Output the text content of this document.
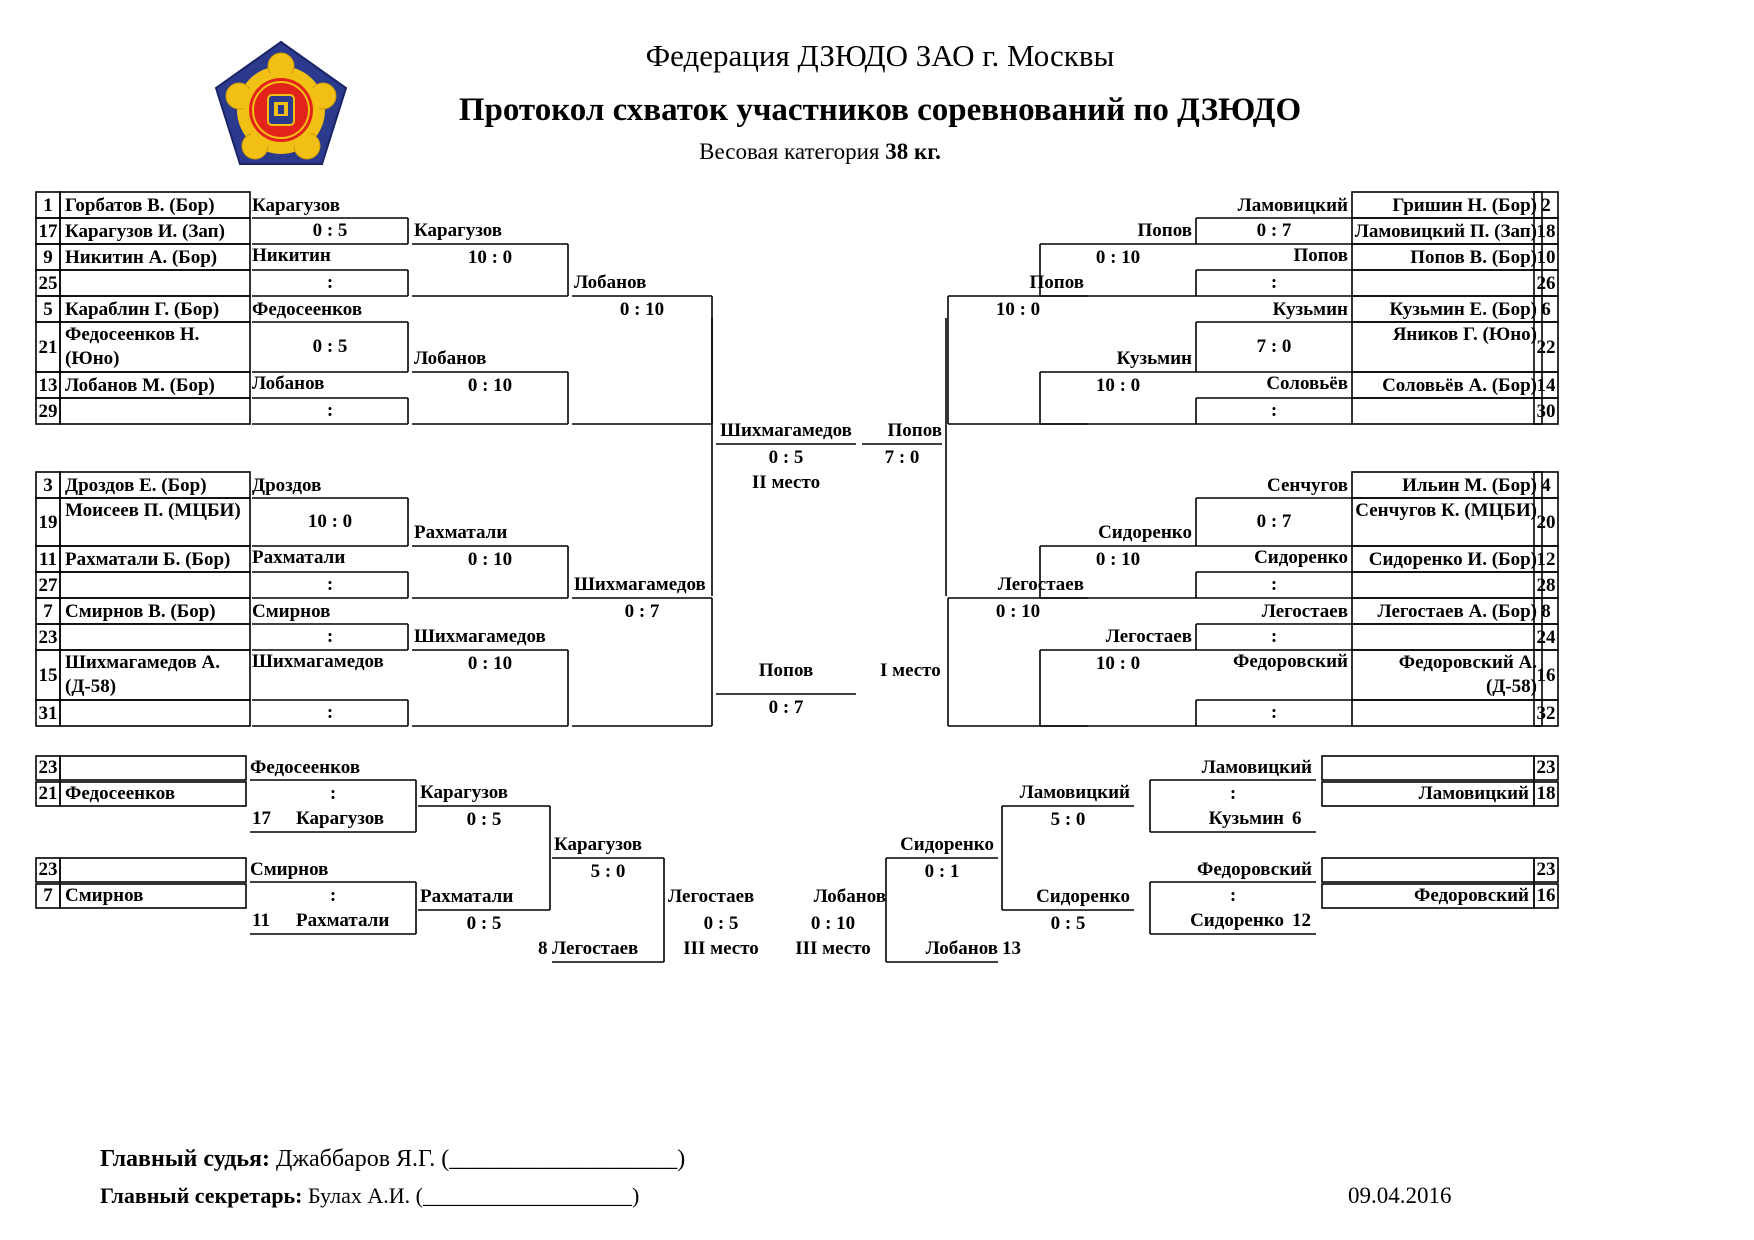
Федерация ДЗЮДО ЗАО г. Москвы
Протокол схваток участников соревнований по ДЗЮДО
Весовая категория 38 кг.
1 Горбатов В. (Бор)
17 Карагузов И. (Зап)
9 Никитин А. (Бор)
25
5 Караблин Г. (Бор)
21
Федосеенков Н. (Юно)
13 Лобанов М. (Бор)
29
Карагузов
0 : 5
Никитин
:
Федосеенков
0 : 5
Лобанов
:
Карагузов
10 : 0
Лобанов
0 : 10
Лобанов
0 : 10
3 Дроздов Е. (Бор)
19
Моисеев П. (МЦБИ)
11 Рахматали Б. (Бор)
27
7 Смирнов В. (Бор)
23
15
Шихмагамедов А. (Д-58)
31
Дроздов
10 : 0
Рахматали
:
Смирнов
:
Шихмагамедов
:
Рахматали
0 : 10
Шихмагамедов
0 : 10
Шихмагамедов
0 : 7
2
Гришин Н. (Бор)
18
Ламовицкий П. (Зап)
10
Попов В. (Бор)
26
6
Кузьмин Е. (Бор)
22
Яников Г. (Юно)
14
Соловьёв А. (Бор)
30
Ламовицкий
0 : 7
Попов
:
Кузьмин
7 : 0
Соловьёв
:
Попов
0 : 10
Кузьмин
10 : 0
Попов
10 : 0
4
Ильин М. (Бор)
20
Сенчугов К. (МЦБИ)
12
Сидоренко И. (Бор)
28
8
Легостаев А. (Бор)
24
16
Федоровский А. (Д-58)
32
Сенчугов
0 : 7
Сидоренко
:
Легостаев
:
Федоровский
:
Сидоренко
0 : 10
Легостаев
10 : 0
Легостаев
0 : 10
Шихмагамедов
0 : 5
II место
Попов
7 : 0
Попов
0 : 7
I место
23
21 Федосеенков
23
7 Смирнов
Федосеенков
:
17 Карагузов
Смирнов
:
11	Рахматали
Карагузов
0 : 5
Рахматали
0 : 5
Карагузов
5 : 0
8 Легостаев
Легостаев
0 : 5
III место
23
18
Ламовицкий
23
16
Федоровский
Ламовицкий
:
6
Кузьмин
Федоровский
:
12
Сидоренко
Ламовицкий
5 : 0
Сидоренко
0 : 5
Сидоренко
0 : 1
13
Лобанов
Лобанов
0 : 10
III место
Главный судья: Джаббаров Я.Г. (___________________)
Главный секретарь: Булах А.И. (___________________)	09.04.2016
